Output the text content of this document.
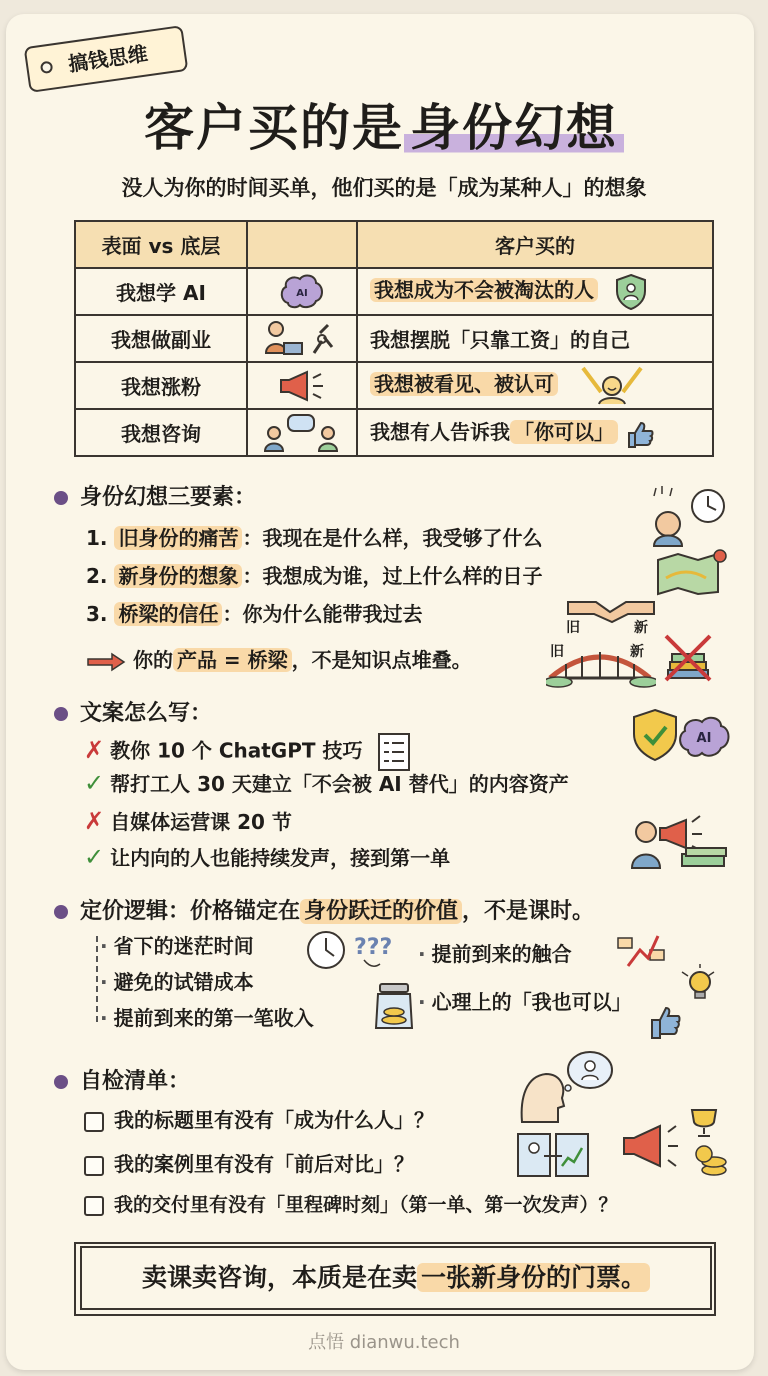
搞钱思维
客户买的是 身份幻想
没人为你的时间买单，他们买的是「成为某种人」的想象
表面 vs 底层		客户买的
我想学 AI	AI	我想成为不会被淘汰的人
我想做副业		我想摆脱「只靠工资」的自己
我想涨粉		我想被看见、被认可
我想咨询		我想有人告诉我 「你可以」
身份幻想三要素：
1. 旧身份的痛苦 ：我现在是什么样，我受够了什么
2. 新身份的想象 ：我想成为谁，过上什么样的日子
3. 桥梁的信任 ：你为什么能带我过去
你的 产品 = 桥梁 ，不是知识点堆叠。
旧	新
旧	新
文案怎么写：
✗ 教你 10 个 ChatGPT 技巧
✓ 帮打工人 30 天建立「不会被 AI 替代」的内容资产
✗ 自媒体运营课 20 节
✓ 让内向的人也能持续发声，接到第一单
AI
定价逻辑：价格锚定在 身份跃迁的价值 ，不是课时。
· 省下的迷茫时间
· 避免的试错成本
· 提前到来的第一笔收入
· 提前到来的触合
· 心理上的「我也可以」
???
自检清单：
我的标题里有没有「成为什么人」？
我的案例里有没有「前后对比」？
我的交付里有没有「里程碑时刻」（第一单、第一次发声）？
卖课卖咨询，本质是在卖 一张新身份的门票。
点悟 dianwu.tech
